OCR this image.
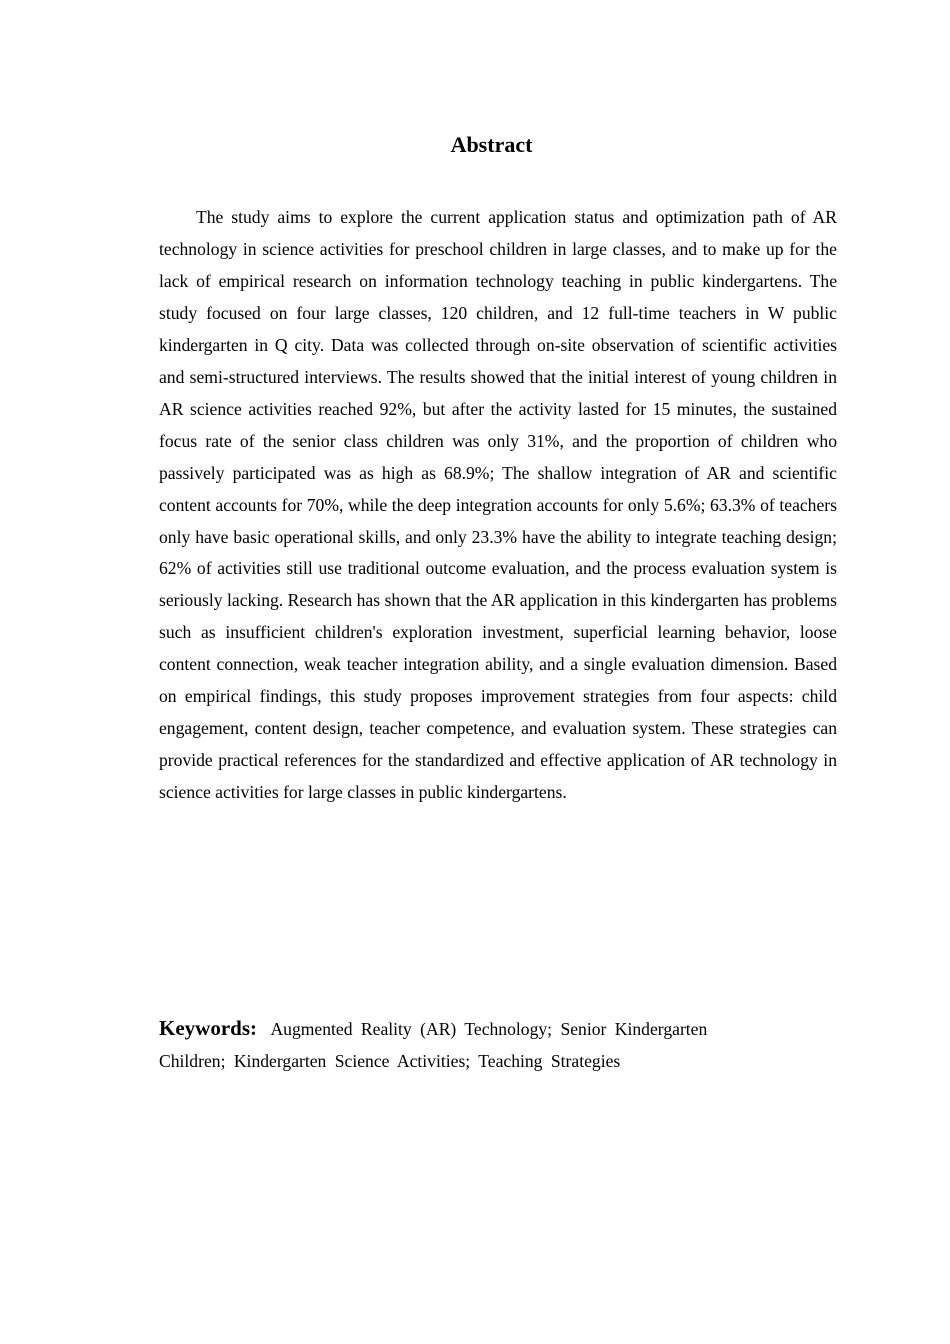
Abstract

The study aims to explore the current application status and optimization path of AR technology in science activities for preschool children in large classes, and to make up for the lack of empirical research on information technology teaching in public kindergartens. The study focused on four large classes, 120 children, and 12 full-time teachers in W public kindergarten in Q city. Data was collected through on-site observation of scientific activities and semi-structured interviews. The results showed that the initial interest of young children in AR science activities reached 92%, but after the activity lasted for 15 minutes, the sustained focus rate of the senior class children was only 31%, and the proportion of children who passively participated was as high as 68.9%; The shallow integration of AR and scientific content accounts for 70%, while the deep integration accounts for only 5.6%; 63.3% of teachers only have basic operational skills, and only 23.3% have the ability to integrate teaching design; 62% of activities still use traditional outcome evaluation, and the process evaluation system is seriously lacking. Research has shown that the AR application in this kindergarten has problems such as insufficient children's exploration investment, superficial learning behavior, loose content connection, weak teacher integration ability, and a single evaluation dimension. Based on empirical findings, this study proposes improvement strategies from four aspects: child engagement, content design, teacher competence, and evaluation system. These strategies can provide practical references for the standardized and effective application of AR technology in science activities for large classes in public kindergartens.

Keywords: Augmented Reality (AR) Technology; Senior Kindergarten Children; Kindergarten Science Activities; Teaching Strategies
